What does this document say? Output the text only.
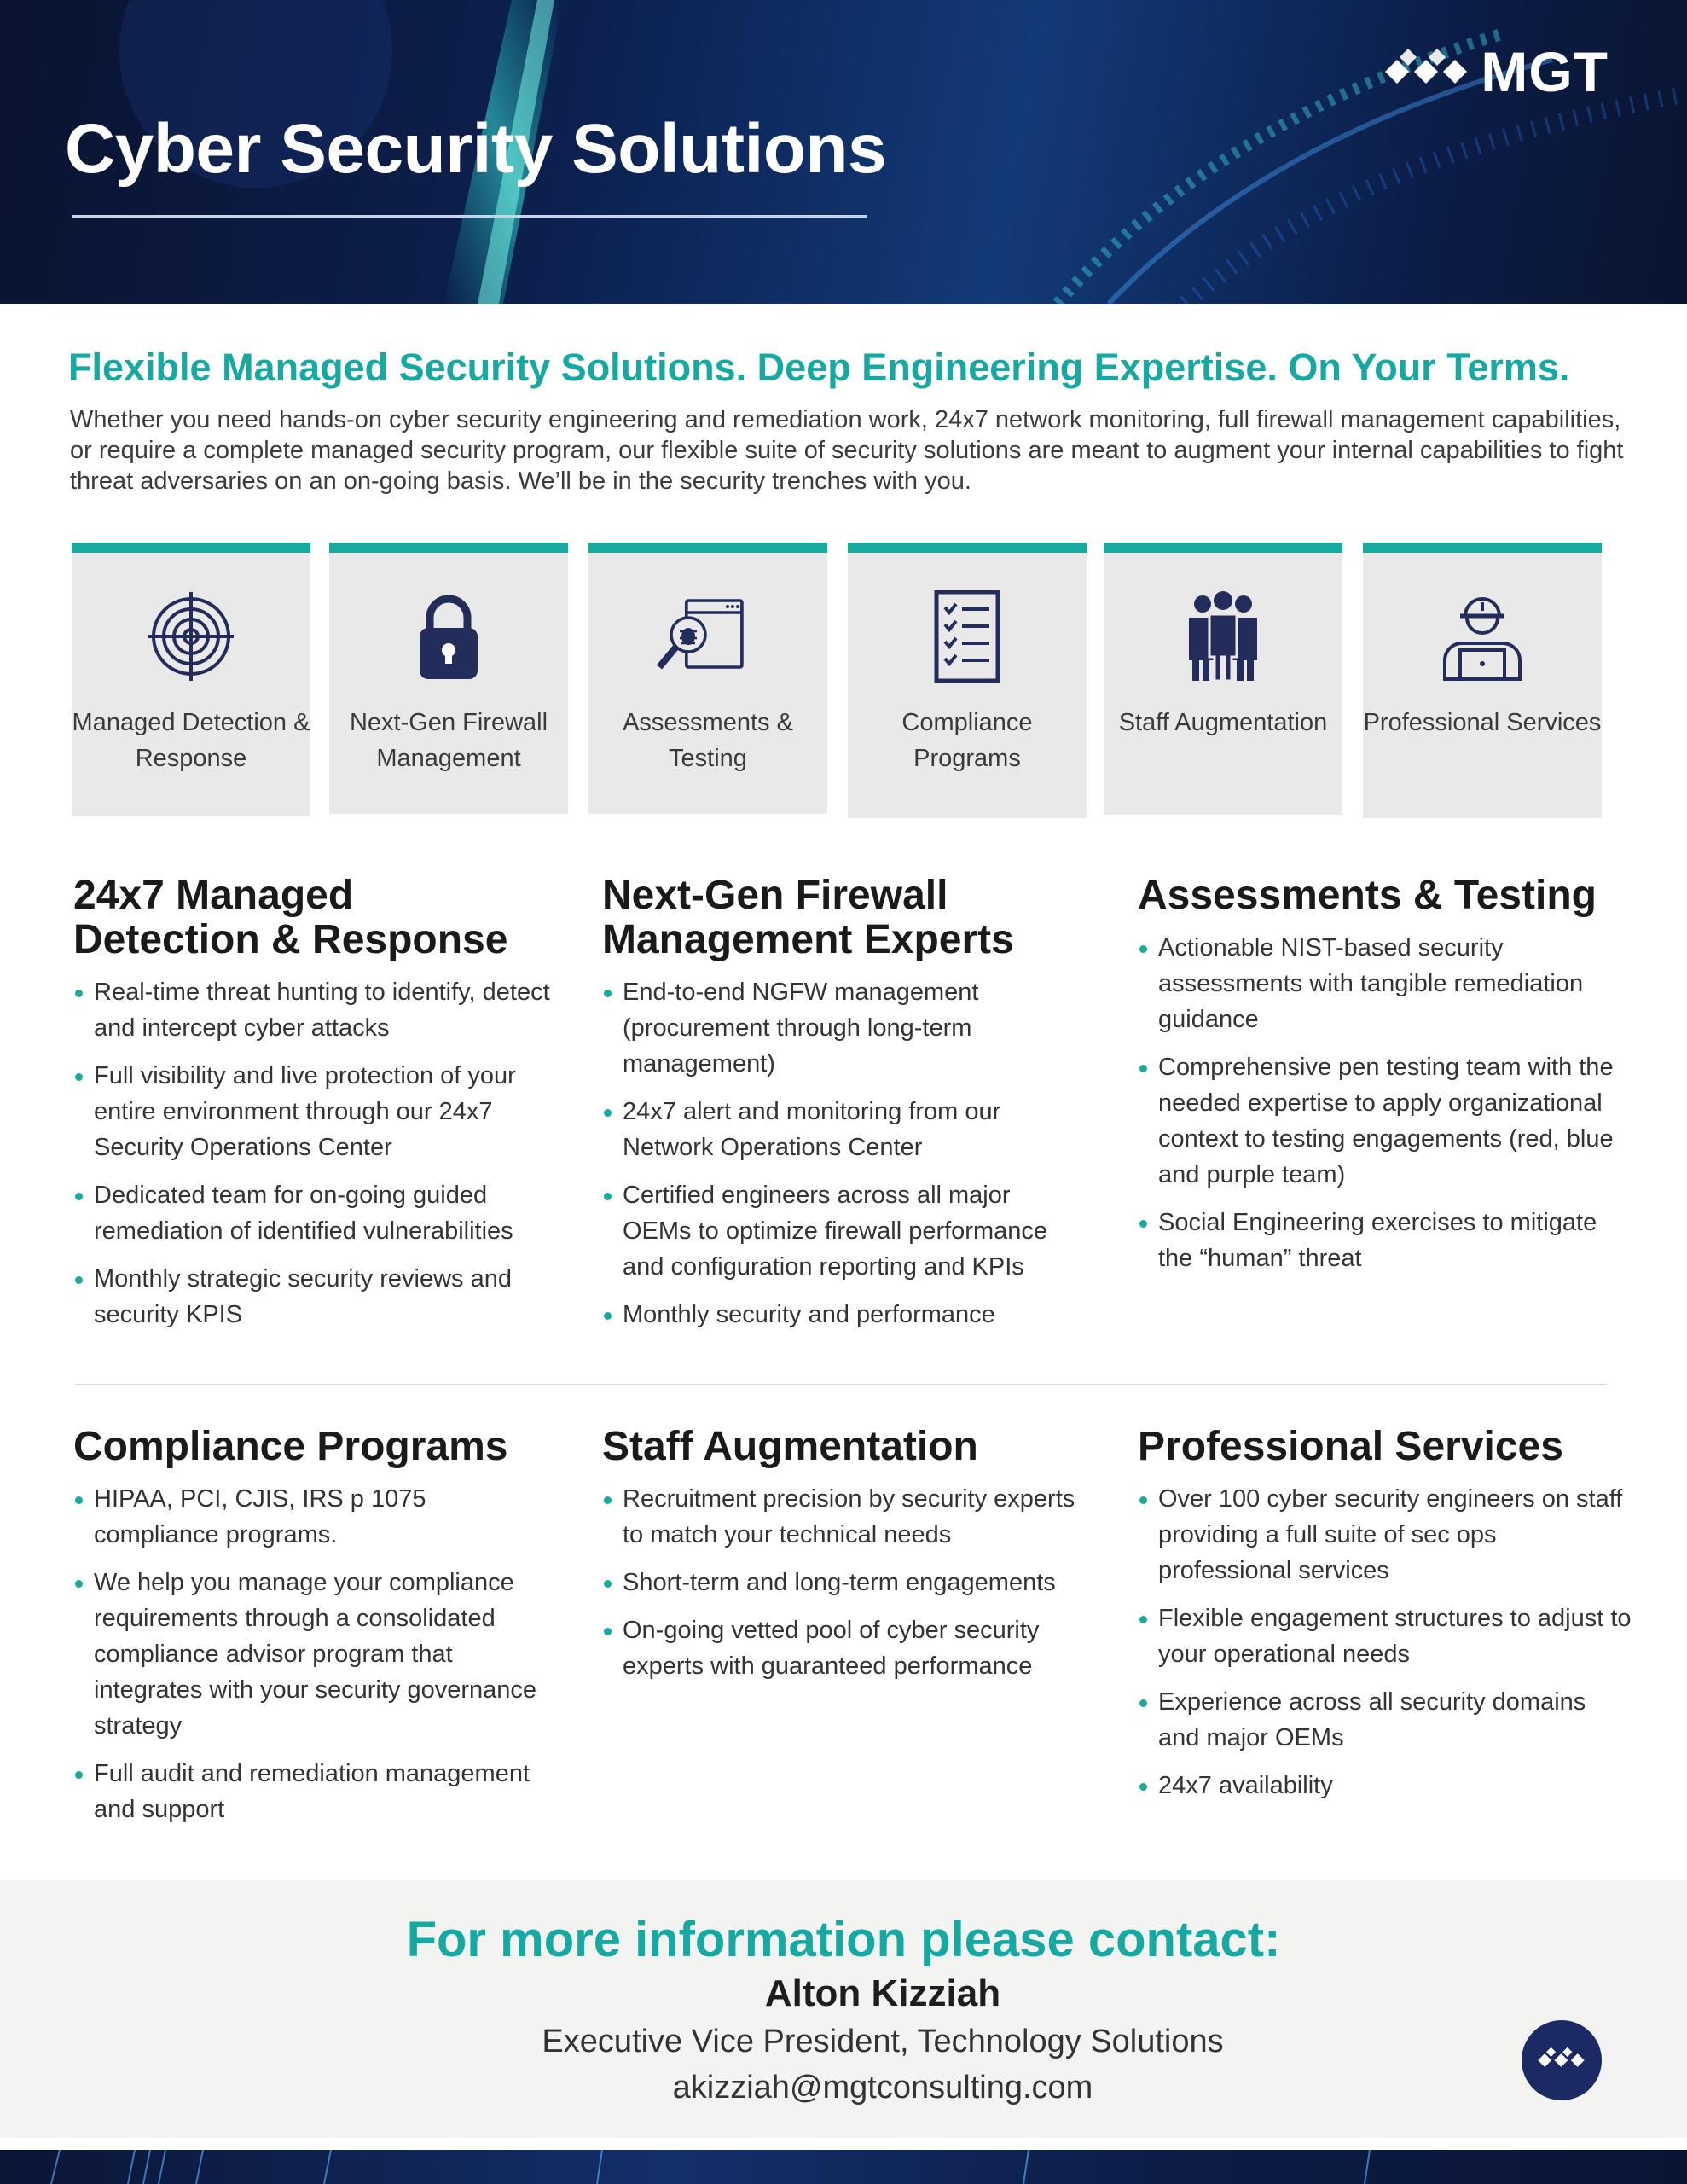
MGT
Cyber Security Solutions
Flexible Managed Security Solutions. Deep Engineering Expertise. On Your Terms.

Whether you need hands-on cyber security engineering and remediation work, 24x7 network monitoring, full firewall management capabilities, or require a complete managed security program, our flexible suite of security solutions are meant to augment your internal capabilities to fight threat adversaries on an on-going basis. We’ll be in the security trenches with you.

Managed Detection & Response
Next-Gen Firewall Management
Assessments & Testing
Compliance Programs
Staff Augmentation	Professional Services
24x7 Managed Detection & Response
Real-time threat hunting to identify, detect and intercept cyber attacks
Full visibility and live protection of your entire environment through our 24x7 Security Operations Center
Dedicated team for on-going guided remediation of identified vulnerabilities
Monthly strategic security reviews and security KPIS
Next-Gen Firewall Management Experts
End-to-end NGFW management (procurement through long-term management)
24x7 alert and monitoring from our Network Operations Center
Certified engineers across all major OEMs to optimize firewall performance and configuration reporting and KPIs
Monthly security and performance
Assessments & Testing
Actionable NIST-based security assessments with tangible remediation guidance
Comprehensive pen testing team with the needed expertise to apply organizational context to testing engagements (red, blue and purple team)
Social Engineering exercises to mitigate the “human” threat
Compliance Programs
HIPAA, PCI, CJIS, IRS p 1075 compliance programs.
We help you manage your compliance requirements through a consolidated compliance advisor program that integrates with your security governance strategy
Full audit and remediation management and support
Staff Augmentation
Recruitment precision by security experts to match your technical needs
Short-term and long-term engagements
On-going vetted pool of cyber security experts with guaranteed performance
Professional Services
Over 100 cyber security engineers on staff providing a full suite of sec ops professional services
Flexible engagement structures to adjust to your operational needs
Experience across all security domains and major OEMs
24x7 availability
For more information please contact:
Alton Kizziah
Executive Vice President, Technology Solutions
akizziah@mgtconsulting.com
